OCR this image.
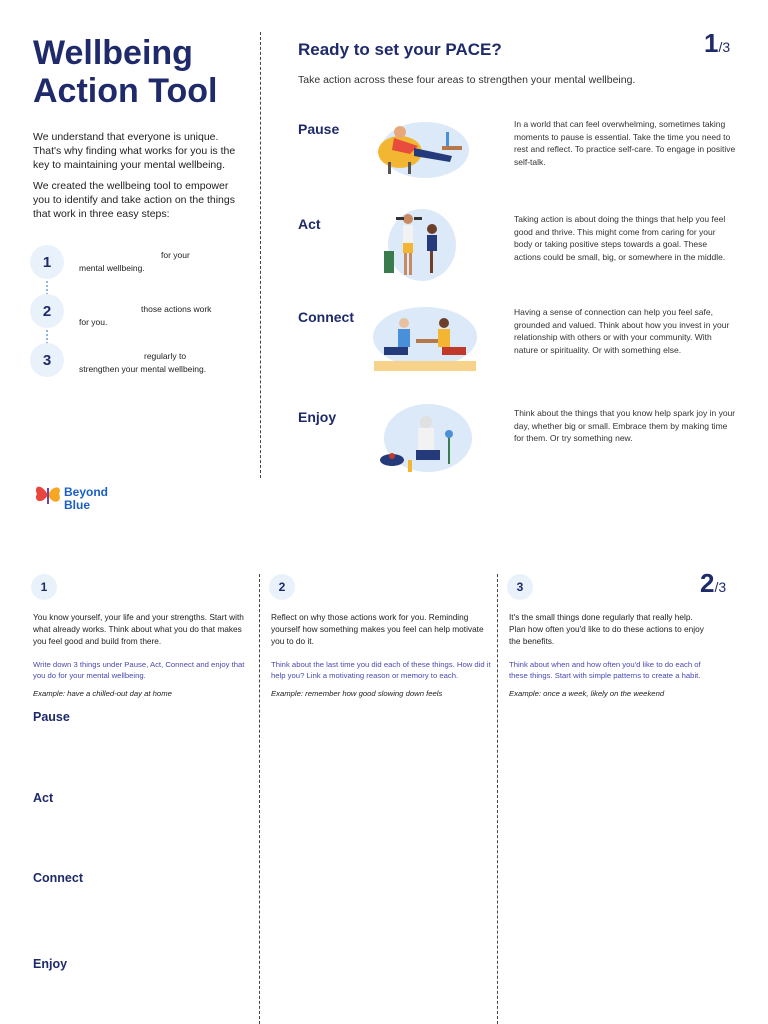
Wellbeing
Action Tool

We understand that everyone is unique. That's why finding what works for you is the key to maintaining your mental wellbeing.

We created the wellbeing tool to empower you to identify and take action on the things that work in three easy steps:

1
2
3
for your
mental wellbeing.
those actions work
for you.
regularly to
strengthen your mental wellbeing.
Ready to set your PACE?
Take action across these four areas to strengthen your mental wellbeing.
1/3
Pause	In a world that can feel overwhelming, sometimes taking moments to pause is essential. Take the time you need to rest and reflect. To practice self-care. To engage in positive self-talk.

Act	Taking action is about doing the things that help you feel good and thrive. This might come from caring for your body or taking positive steps towards a goal. These actions could be small, big, or somewhere in the middle.

Connect	Having a sense of connection can help you feel safe, grounded and valued. Think about how you invest in your relationship with others or with your community. With nature or spirituality. Or with something else.

Enjoy	Think about the things that you know help spark joy in your day, whether big or small. Embrace them by making time for them. Or try something new.

Beyond
Blue
2/3
1

You know yourself, your life and your strengths. Start with what already works. Think about what you do that makes you feel good and build from there.

Write down 3 things under Pause, Act, Connect and enjoy that you do for your mental wellbeing.

Example: have a chilled-out day at home

Pause
Act
Connect
Enjoy
2

Reflect on why those actions work for you. Reminding yourself how something makes you feel can help motivate you to do it.

Think about the last time you did each of these things. How did it help you? Link a motivating reason or memory to each.

Example: remember how good slowing down feels

3

It's the small things done regularly that really help. Plan how often you'd like to do these actions to enjoy the benefits.

Think about when and how often you'd like to do each of these things. Start with simple patterns to create a habit.

Example: once a week, likely on the weekend
